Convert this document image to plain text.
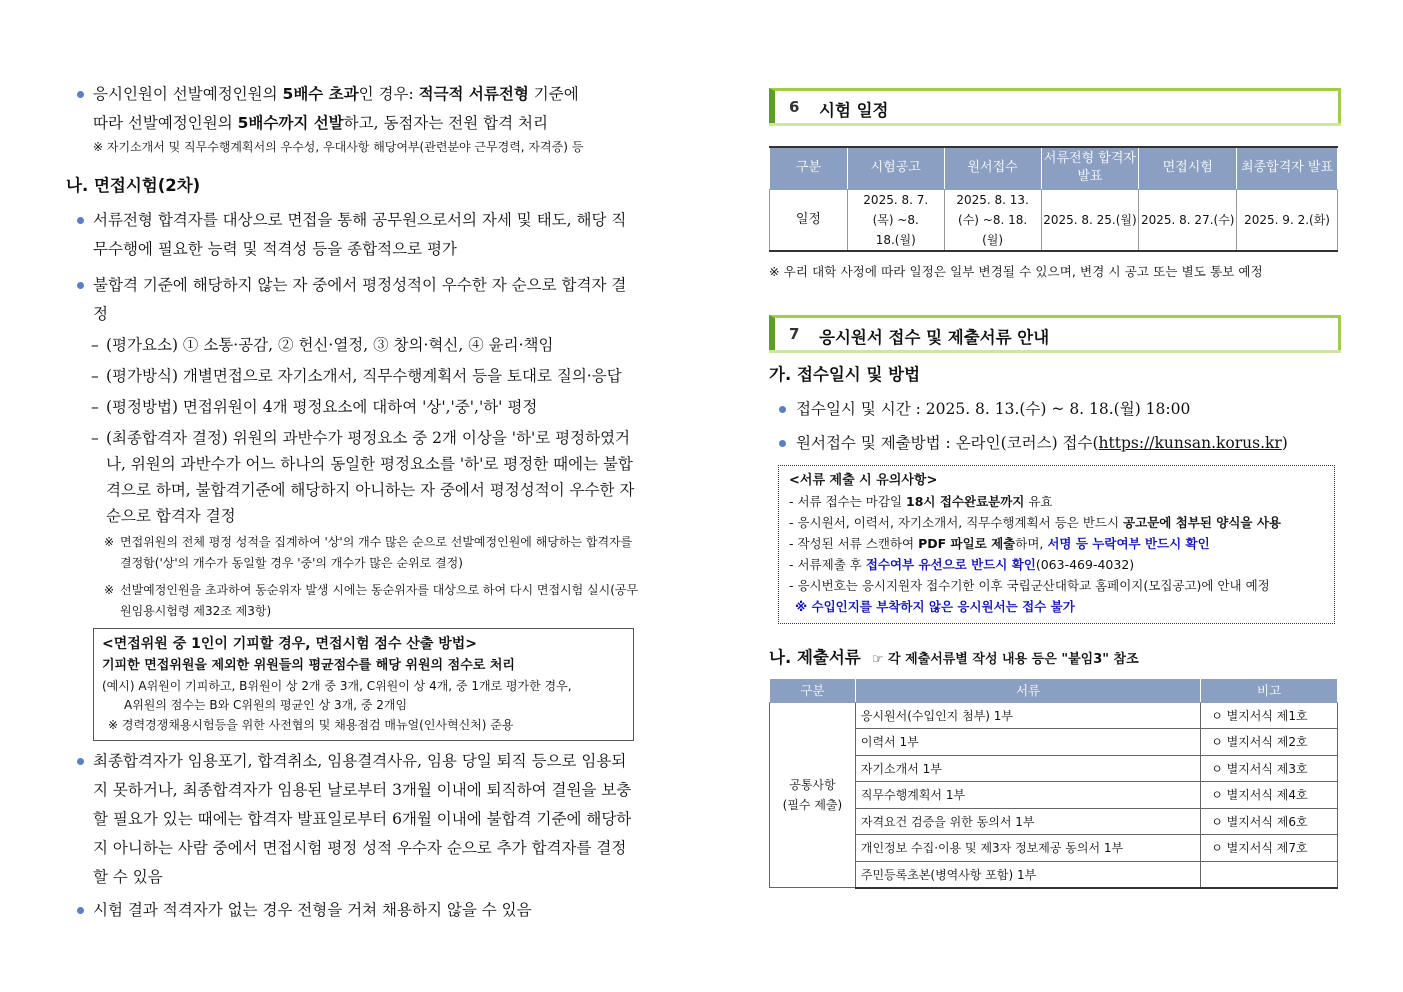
응시인원이 선발예정인원의 5배수 초과인 경우: 적극적 서류전형 기준에
따라 선발예정인원의 5배수까지 선발하고, 동점자는 전원 합격 처리
※ 자기소개서 및 직무수행계획서의 우수성, 우대사항 해당여부(관련분야 근무경력, 자격증) 등
나. 면접시험(2차)
서류전형 합격자를 대상으로 면접을 통해 공무원으로서의 자세 및 태도, 해당 직무수행에 필요한 능력 및 적격성 등을 종합적으로 평가
불합격 기준에 해당하지 않는 자 중에서 평정성적이 우수한 자 순으로 합격자 결정
– (평가요소) ① 소통·공감, ② 헌신·열정, ③ 창의·혁신, ④ 윤리·책임
– (평가방식) 개별면접으로 자기소개서, 직무수행계획서 등을 토대로 질의·응답
– (평정방법) 면접위원이 4개 평정요소에 대하여 '상','중','하' 평정
– (최종합격자 결정) 위원의 과반수가 평정요소 중 2개 이상을 '하'로 평정하였거나, 위원의 과반수가 어느 하나의 동일한 평정요소를 '하'로 평정한 때에는 불합격으로 하며, 불합격기준에 해당하지 아니하는 자 중에서 평정성적이 우수한 자 순으로 합격자 결정
※ 면접위원의 전체 평정 성적을 집계하여 '상'의 개수 많은 순으로 선발예정인원에 해당하는 합격자를 결정함('상'의 개수가 동일할 경우 '중'의 개수가 많은 순위로 결정)
※ 선발예정인원을 초과하여 동순위자 발생 시에는 동순위자를 대상으로 하여 다시 면접시험 실시(공무원임용시험령 제32조 제3항)
<면접위원 중 1인이 기피할 경우, 면접시험 점수 산출 방법>
기피한 면접위원을 제외한 위원들의 평균점수를 해당 위원의 점수로 처리
(예시) A위원이 기피하고, B위원이 상 2개 중 3개, C위원이 상 4개, 중 1개로 평가한 경우,
A위원의 점수는 B와 C위원의 평균인 상 3개, 중 2개임
※ 경력경쟁채용시험등을 위한 사전협의 및 채용점검 매뉴얼(인사혁신처) 준용
최종합격자가 임용포기, 합격취소, 임용결격사유, 임용 당일 퇴직 등으로 임용되지 못하거나, 최종합격자가 임용된 날로부터 3개월 이내에 퇴직하여 결원을 보충할 필요가 있는 때에는 합격자 발표일로부터 6개월 이내에 불합격 기준에 해당하지 아니하는 사람 중에서 면접시험 평정 성적 우수자 순으로 추가 합격자를 결정할 수 있음
시험 결과 적격자가 없는 경우 전형을 거쳐 채용하지 않을 수 있음
6 시험 일정
구분	시험공고	원서접수	서류전형 합격자 발표	면접시험	최종합격자 발표
일정	2025. 8. 7.(목) ~8. 18.(월)	2025. 8. 13.(수) ~8. 18.(월)	2025. 8. 25.(월)	2025. 8. 27.(수)	2025. 9. 2.(화)
※ 우리 대학 사정에 따라 일정은 일부 변경될 수 있으며, 변경 시 공고 또는 별도 통보 예정
7 응시원서 접수 및 제출서류 안내
가. 접수일시 및 방법
접수일시 및 시간 : 2025. 8. 13.(수) ~ 8. 18.(월) 18:00
원서접수 및 제출방법 : 온라인(코러스) 접수(https://kunsan.korus.kr)
<서류 제출 시 유의사항>
- 서류 접수는 마감일 18시 접수완료분까지 유효
- 응시원서, 이력서, 자기소개서, 직무수행계획서 등은 반드시 공고문에 첨부된 양식을 사용
- 작성된 서류 스캔하여 PDF 파일로 제출하며, 서명 등 누락여부 반드시 확인
- 서류제출 후 접수여부 유선으로 반드시 확인(063-469-4032)
- 응시번호는 응시지원자 접수기한 이후 국립군산대학교 홈페이지(모집공고)에 안내 예정
※ 수입인지를 부착하지 않은 응시원서는 접수 불가
나. 제출서류 ☞ 각 제출서류별 작성 내용 등은 "붙임3" 참조
구분	서류	비고
공통사항
(필수 제출)	응시원서(수입인지 첨부) 1부	ㅇ 별지서식 제1호
	이력서 1부	ㅇ 별지서식 제2호
	자기소개서 1부	ㅇ 별지서식 제3호
	직무수행계획서 1부	ㅇ 별지서식 제4호
	자격요건 검증을 위한 동의서 1부	ㅇ 별지서식 제6호
	개인정보 수집·이용 및 제3자 정보제공 동의서 1부	ㅇ 별지서식 제7호
	주민등록초본(병역사항 포함) 1부	
